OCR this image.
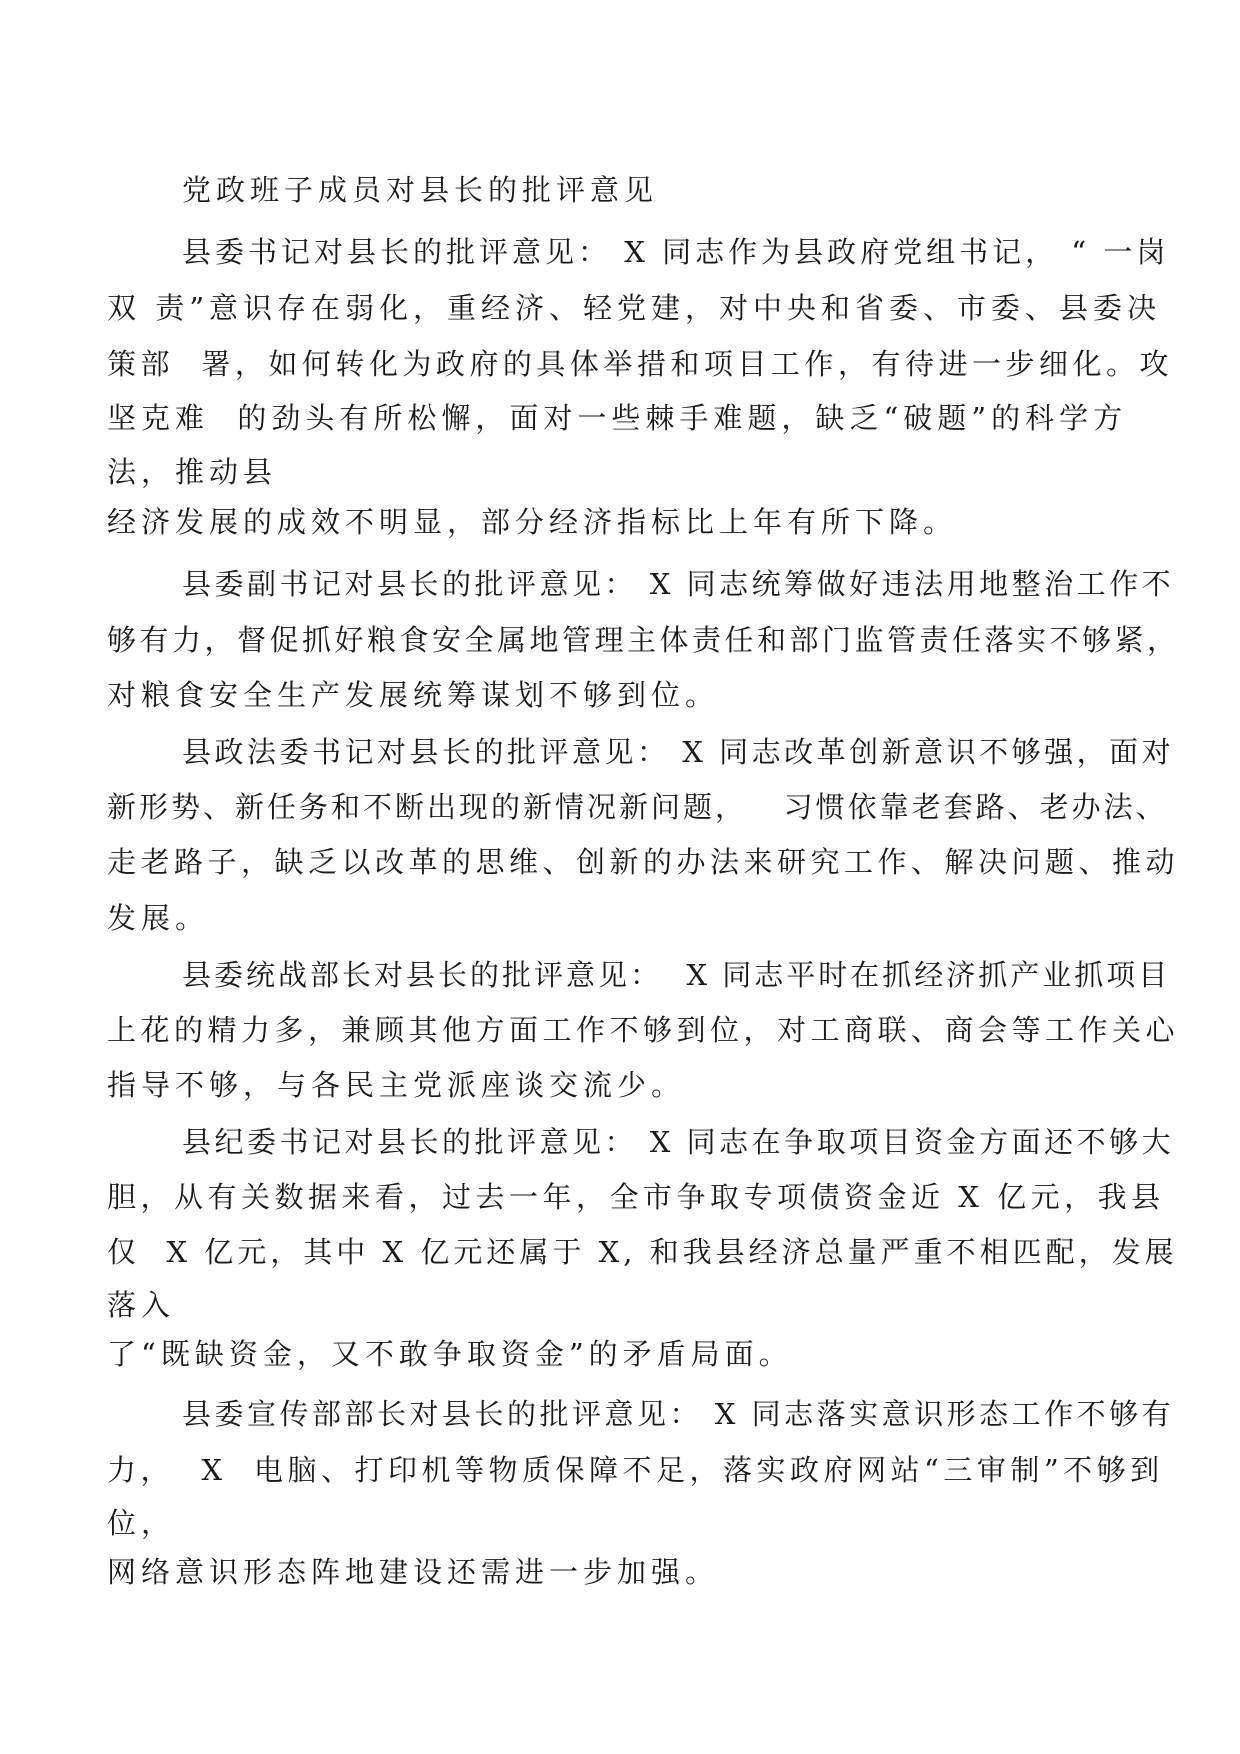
党政班子成员对县长的批评意见
县委书记对县长的批评意见： X 同志作为县政府党组书记， “ 一岗
双 责”意识存在弱化，重经济、轻党建，对中央和省委、市委、县委决
策部  署，如何转化为政府的具体举措和项目工作，有待进一步细化。攻
坚克难  的劲头有所松懈，面对一些棘手难题，缺乏“破题”的科学方
法，推动县
经济发展的成效不明显，部分经济指标比上年有所下降。
县委副书记对县长的批评意见： X 同志统筹做好违法用地整治工作不
够有力，督促抓好粮食安全属地管理主体责任和部门监管责任落实不够紧，
对粮食安全生产发展统筹谋划不够到位。
县政法委书记对县长的批评意见： X 同志改革创新意识不够强，面对
新形势、新任务和不断出现的新情况新问题，   习惯依靠老套路、老办法、
走老路子，缺乏以改革的思维、创新的办法来研究工作、解决问题、推动
发展。
县委统战部长对县长的批评意见：  X 同志平时在抓经济抓产业抓项目
上花的精力多，兼顾其他方面工作不够到位，对工商联、商会等工作关心
指导不够，与各民主党派座谈交流少。
县纪委书记对县长的批评意见： X 同志在争取项目资金方面还不够大
胆，从有关数据来看，过去一年，全市争取专项债资金近 X 亿元，我县
仅  X 亿元，其中 X 亿元还属于 X, 和我县经济总量严重不相匹配，发展
落入
了“既缺资金，又不敢争取资金”的矛盾局面。
县委宣传部部长对县长的批评意见： X 同志落实意识形态工作不够有
力，  X  电脑、打印机等物质保障不足，落实政府网站“三审制”不够到
位，
网络意识形态阵地建设还需进一步加强。
